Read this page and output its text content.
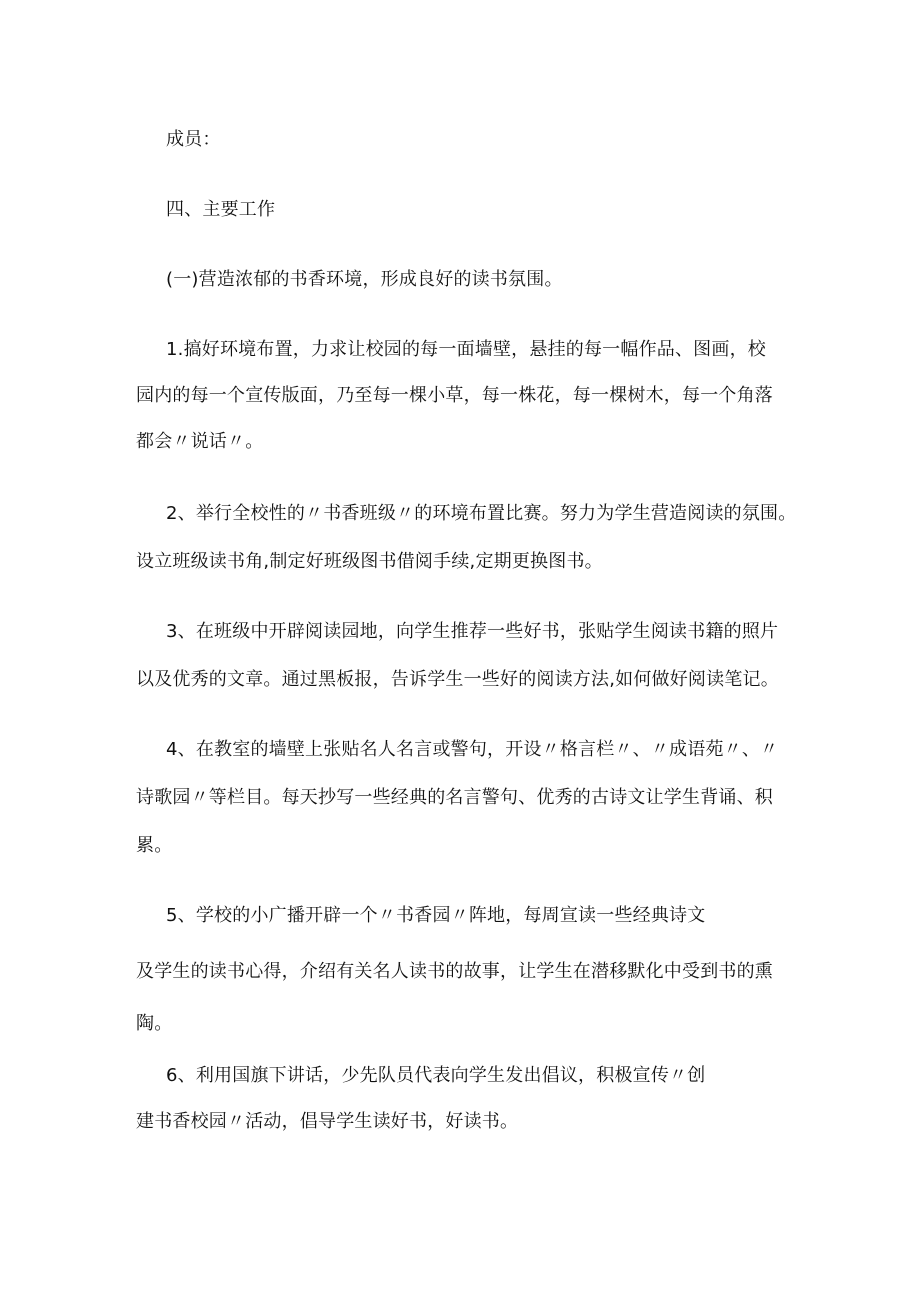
成员：
四、主要工作
(一)营造浓郁的书香环境，形成良好的读书氛围。
1.搞好环境布置，力求让校园的每一面墙壁，悬挂的每一幅作品、图画，校
园内的每一个宣传版面，乃至每一棵小草，每一株花，每一棵树木，每一个角落
都会〃说话〃。
2、举行全校性的〃书香班级〃的环境布置比赛。努力为学生营造阅读的氛围。
设立班级读书角,制定好班级图书借阅手续,定期更换图书。
3、在班级中开辟阅读园地，向学生推荐一些好书，张贴学生阅读书籍的照片
以及优秀的文章。通过黑板报，告诉学生一些好的阅读方法,如何做好阅读笔记。
4、在教室的墙壁上张贴名人名言或警句，开设〃格言栏〃、〃成语苑〃、〃
诗歌园〃等栏目。每天抄写一些经典的名言警句、优秀的古诗文让学生背诵、积
累。
5、学校的小广播开辟一个〃书香园〃阵地，每周宣读一些经典诗文
及学生的读书心得，介绍有关名人读书的故事，让学生在潜移默化中受到书的熏
陶。
6、利用国旗下讲话，少先队员代表向学生发出倡议，积极宣传〃创
建书香校园〃活动，倡导学生读好书，好读书。
